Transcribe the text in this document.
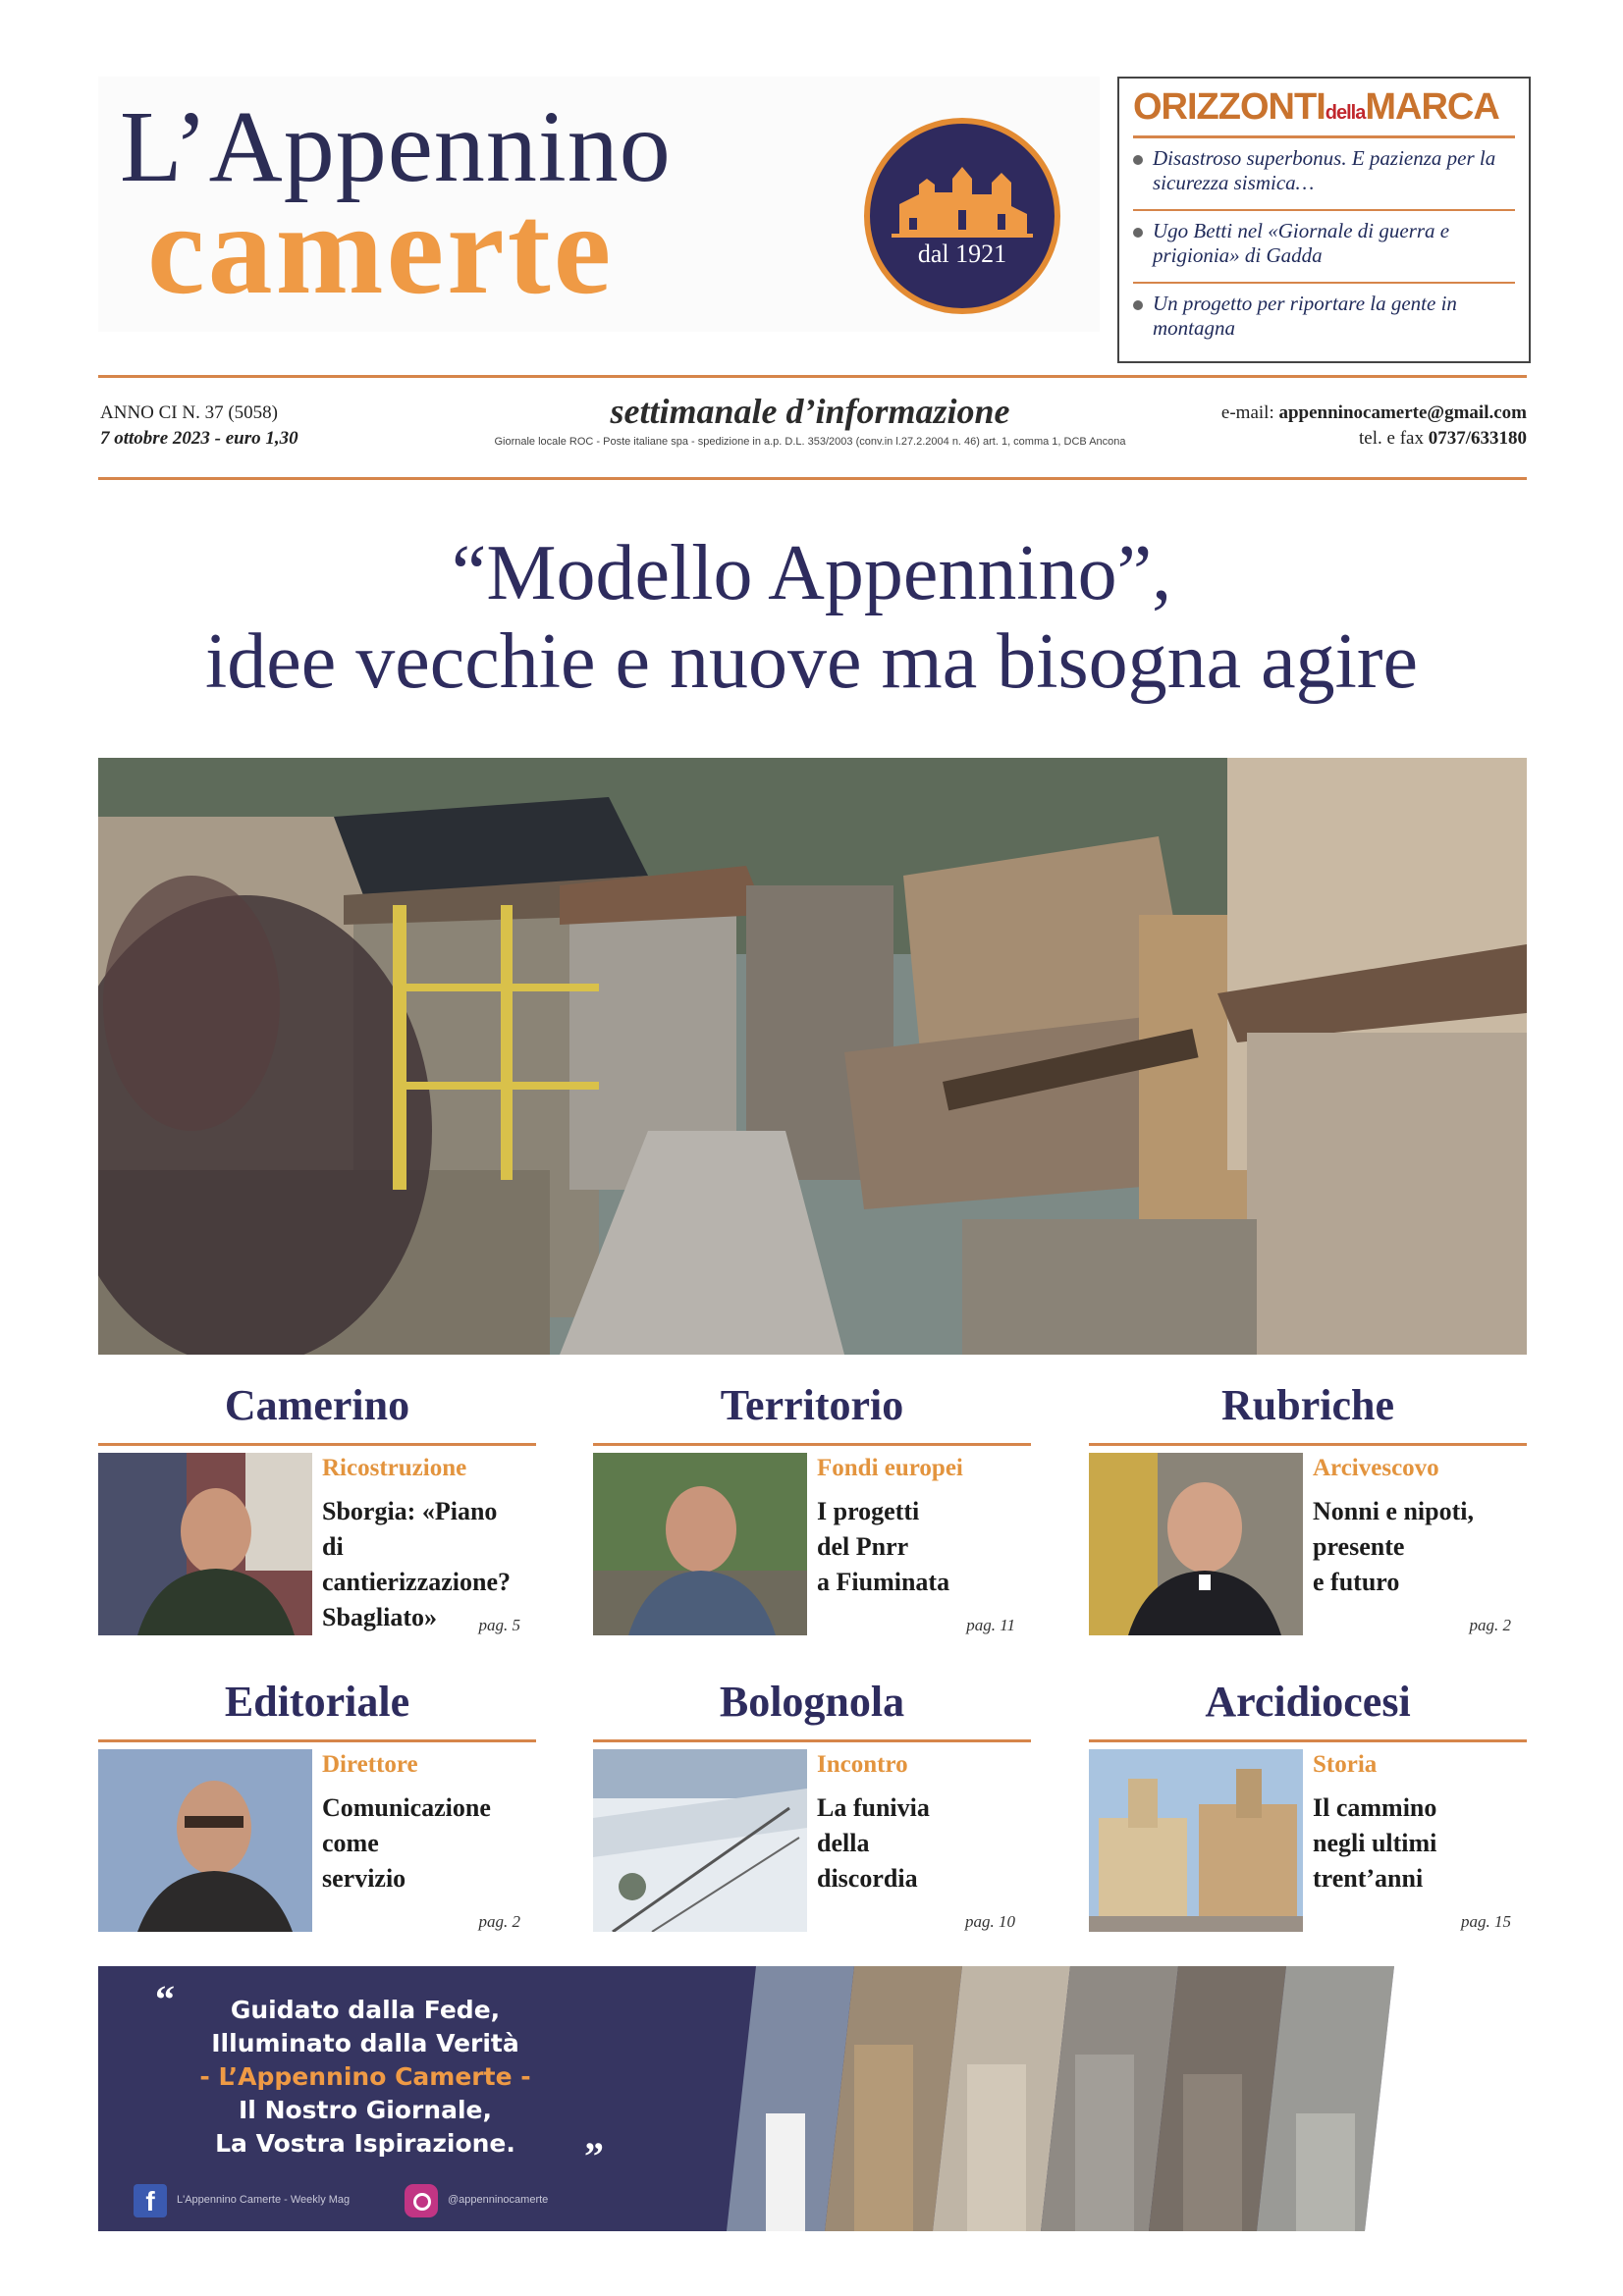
L’Appennino
camerte	dal 1921
ORIZZONTIdellaMARCA
Disastroso superbonus. E pazienza per la sicurezza sismica…
Ugo Betti nel «Giornale di guerra e prigionia» di Gadda
Un progetto per riportare la gente in montagna
ANNO CI N. 37 (5058)
7 ottobre 2023 - euro 1,30
settimanale d’informazione
Giornale locale ROC - Poste italiane spa - spedizione in a.p. D.L. 353/2003 (conv.in l.27.2.2004 n. 46) art. 1, comma 1, DCB Ancona
e-mail: appenninocamerte@gmail.com
tel. e fax 0737/633180
“Modello Appennino”,
idee vecchie e nuove ma bisogna agire
Camerino
Ricostruzione
Sborgia: «Piano
di cantierizzazione?
Sbagliato»	pag. 5
Territorio
Fondi europei
I progetti
del Pnrr
a Fiuminata
pag. 11
Rubriche
Arcivescovo
Nonni e nipoti,
presente
e futuro
pag. 2
Editoriale
Direttore
Comunicazione
come
servizio
pag. 2
Bolognola
Incontro
La funivia
della
discordia
pag. 10
Arcidiocesi
Storia
Il cammino
negli ultimi
trent’anni
pag. 15
“	Guidato dalla Fede,
Illuminato dalla Verità
- L’Appennino Camerte -
Il Nostro Giornale,
La Vostra Ispirazione.	”
f	L'Appennino Camerte - Weekly Mag	@appenninocamerte
